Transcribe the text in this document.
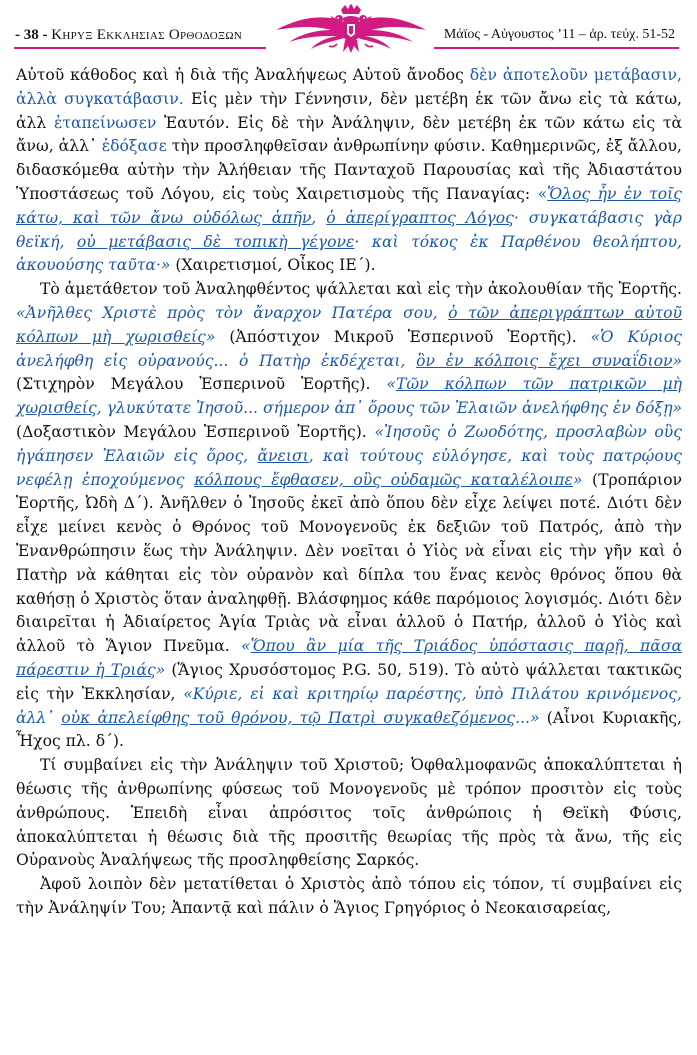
- 38 - Κηρυξ Εκκλησιας Ορθοδοξων	Μάϊος - Αὐγουστος ’11 – ἀρ. τεύχ. 51-52

Αὐτοῦ κάθοδος καὶ ἡ διὰ τῆς Ἀναλήψεως Αὐτοῦ ἄνοδος δὲν ἀποτελοῦν μετάβασιν, ἀλλὰ συγκατάβασιν. Εἰς μὲν τὴν Γέννησιν, δὲν μετέβη ἐκ τῶν ἄνω εἰς τὰ κάτω, ἀλλ ἐταπείνωσεν Ἑαυτόν. Εἰς δὲ τὴν Ἀνάληψιν, δὲν μετέβη ἐκ τῶν κάτω εἰς τὰ ἄνω, ἀλλ᾽ ἐδόξασε τὴν προσληφθεῖσαν ἀνθρωπίνην φύσιν. Καθημερινῶς, ἐξ ἄλλου, διδασκόμεθα αὐτὴν τὴν Ἀλήθειαν τῆς Πανταχοῦ Παρουσίας καὶ τῆς Ἀδιαστάτου Ὑποστάσεως τοῦ Λόγου, εἰς τοὺς Χαιρετισμοὺς τῆς Παναγίας: «Ὅλος ἦν ἐν τοῖς κάτω, καὶ τῶν ἄνω οὐδόλως ἀπῆν, ὁ ἀπερίγραπτος Λόγος· συγκατάβασις γὰρ θεϊκή, οὐ μετάβασις δὲ τοπικὴ γέγονε· καὶ τόκος ἐκ Παρθένου θεολήπτου, ἀκουούσης ταῦτα·» (Χαιρετισμοί, Οἶκος ΙΕ΄).

Τὸ ἀμετάθετον τοῦ Ἀναληφθέντος ψάλλεται καὶ εἰς τὴν ἀκολουθίαν τῆς Ἑορτῆς. «Ἀνῆλθες Χριστὲ πρὸς τὸν ἄναρχον Πατέρα σου, ὁ τῶν ἀπεριγράπτων αὐτοῦ κόλπων μὴ χωρισθείς» (Ἀπόστιχον Μικροῦ Ἑσπερινοῦ Ἑορτῆς). «Ὁ Κύριος ἀνελήφθη εἰς οὐρανούς... ὁ Πατὴρ ἐκδέχεται, ὃν ἐν κόλποις ἔχει συναΐδιον» (Στιχηρὸν Μεγάλου Ἑσπερινοῦ Ἑορτῆς). «Τῶν κόλπων τῶν πατρικῶν μὴ χωρισθείς, γλυκύτατε Ἰησοῦ... σήμερον ἀπ᾽ ὄρους τῶν Ἐλαιῶν ἀνελήφθης ἐν δόξῃ» (Δοξαστικὸν Μεγάλου Ἑσπερινοῦ Ἑορτῆς). «Ἰησοῦς ὁ Ζωοδότης, προσλαβὼν οὓς ἠγάπησεν Ἐλαιῶν εἰς ὄρος, ἄνεισι, καὶ τούτους εὐλόγησε, καὶ τοὺς πατρῴους νεφέλῃ ἐποχούμενος κόλπους ἔφθασεν, οὓς οὐδαμῶς καταλέλοιπε» (Τροπάριον Ἑορτῆς, Ὠδὴ Δ΄). Ἀνῆλθεν ὁ Ἰησοῦς ἐκεῖ ἀπὸ ὅπου δὲν εἶχε λείψει ποτέ. Διότι δὲν εἶχε μείνει κενὸς ὁ Θρόνος τοῦ Μονογενοῦς ἐκ δεξιῶν τοῦ Πατρός, ἀπὸ τὴν Ἐνανθρώπησιν ἕως τὴν Ἀνάληψιν. Δὲν νοεῖται ὁ Υἱὸς νὰ εἶναι εἰς τὴν γῆν καὶ ὁ Πατὴρ νὰ κάθηται εἰς τὸν οὐρανὸν καὶ δίπλα του ἕνας κενὸς θρόνος ὅπου θὰ καθήσῃ ὁ Χριστὸς ὅταν ἀναληφθῇ. Βλάσφημος κάθε παρόμοιος λογισμός. Διότι δὲν διαιρεῖται ἡ Ἀδιαίρετος Ἁγία Τριὰς νὰ εἶναι ἀλλοῦ ὁ Πατήρ, ἀλλοῦ ὁ Υἱὸς καὶ ἀλλοῦ τὸ Ἅγιον Πνεῦμα. «Ὅπου ἂν μία τῆς Τριάδος ὑπόστασις παρῇ, πᾶσα πάρεστιν ἡ Τριάς» (Ἅγιος Χρυσόστομος P.G. 50, 519). Τὸ αὐτὸ ψάλλεται τακτικῶς εἰς τὴν Ἐκκλησίαν, «Κύριε, εἰ καὶ κριτηρίῳ παρέστης, ὑπὸ Πιλάτου κρινόμενος, ἀλλ᾽ οὐκ ἀπελείφθης τοῦ θρόνου, τῷ Πατρὶ συγκαθεζόμενος...» (Αἶνοι Κυριακῆς, Ἦχος πλ. δ΄).

Τί συμβαίνει εἰς τὴν Ἀνάληψιν τοῦ Χριστοῦ; Ὀφθαλμοφανῶς ἀποκαλύπτεται ἡ θέωσις τῆς ἀνθρωπίνης φύσεως τοῦ Μονογενοῦς μὲ τρόπον προσιτὸν εἰς τοὺς ἀνθρώπους. Ἐπειδὴ εἶναι ἀπρόσιτος τοῖς ἀνθρώποις ἡ Θεϊκὴ Φύσις, ἀποκαλύπτεται ἡ θέωσις διὰ τῆς προσιτῆς θεωρίας τῆς πρὸς τὰ ἄνω, τῆς εἰς Οὐρανοὺς Ἀναλήψεως τῆς προσληφθείσης Σαρκός.

Ἀφοῦ λοιπὸν δὲν μετατίθεται ὁ Χριστὸς ἀπὸ τόπου εἰς τόπον, τί συμβαίνει εἰς τὴν Ἀνάληψίν Του; Ἀπαντᾷ καὶ πάλιν ὁ Ἅγιος Γρηγόριος ὁ Νεοκαισαρείας,
